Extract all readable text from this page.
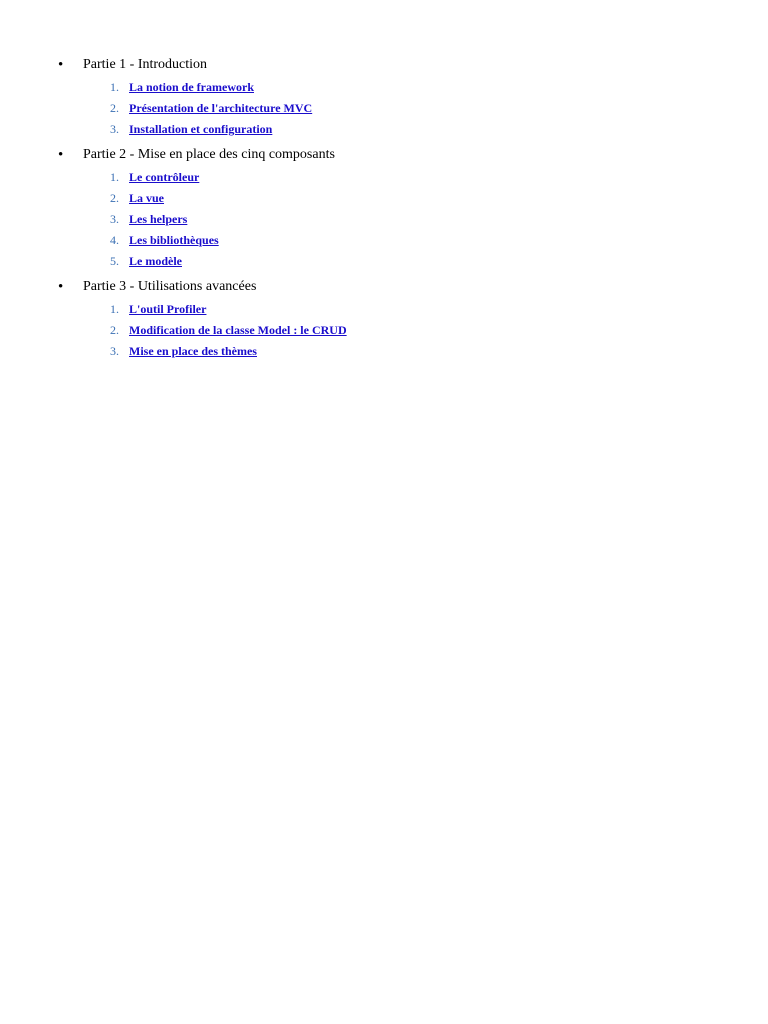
•	Partie 1 - Introduction
1. La notion de framework
2. Présentation de l'architecture MVC
3. Installation et configuration
•	Partie 2 - Mise en place des cinq composants
1. Le contrôleur
2. La vue
3. Les helpers
4. Les bibliothèques
5. Le modèle
•	Partie 3 - Utilisations avancées
1. L'outil Profiler
2. Modification de la classe Model : le CRUD
3. Mise en place des thèmes
